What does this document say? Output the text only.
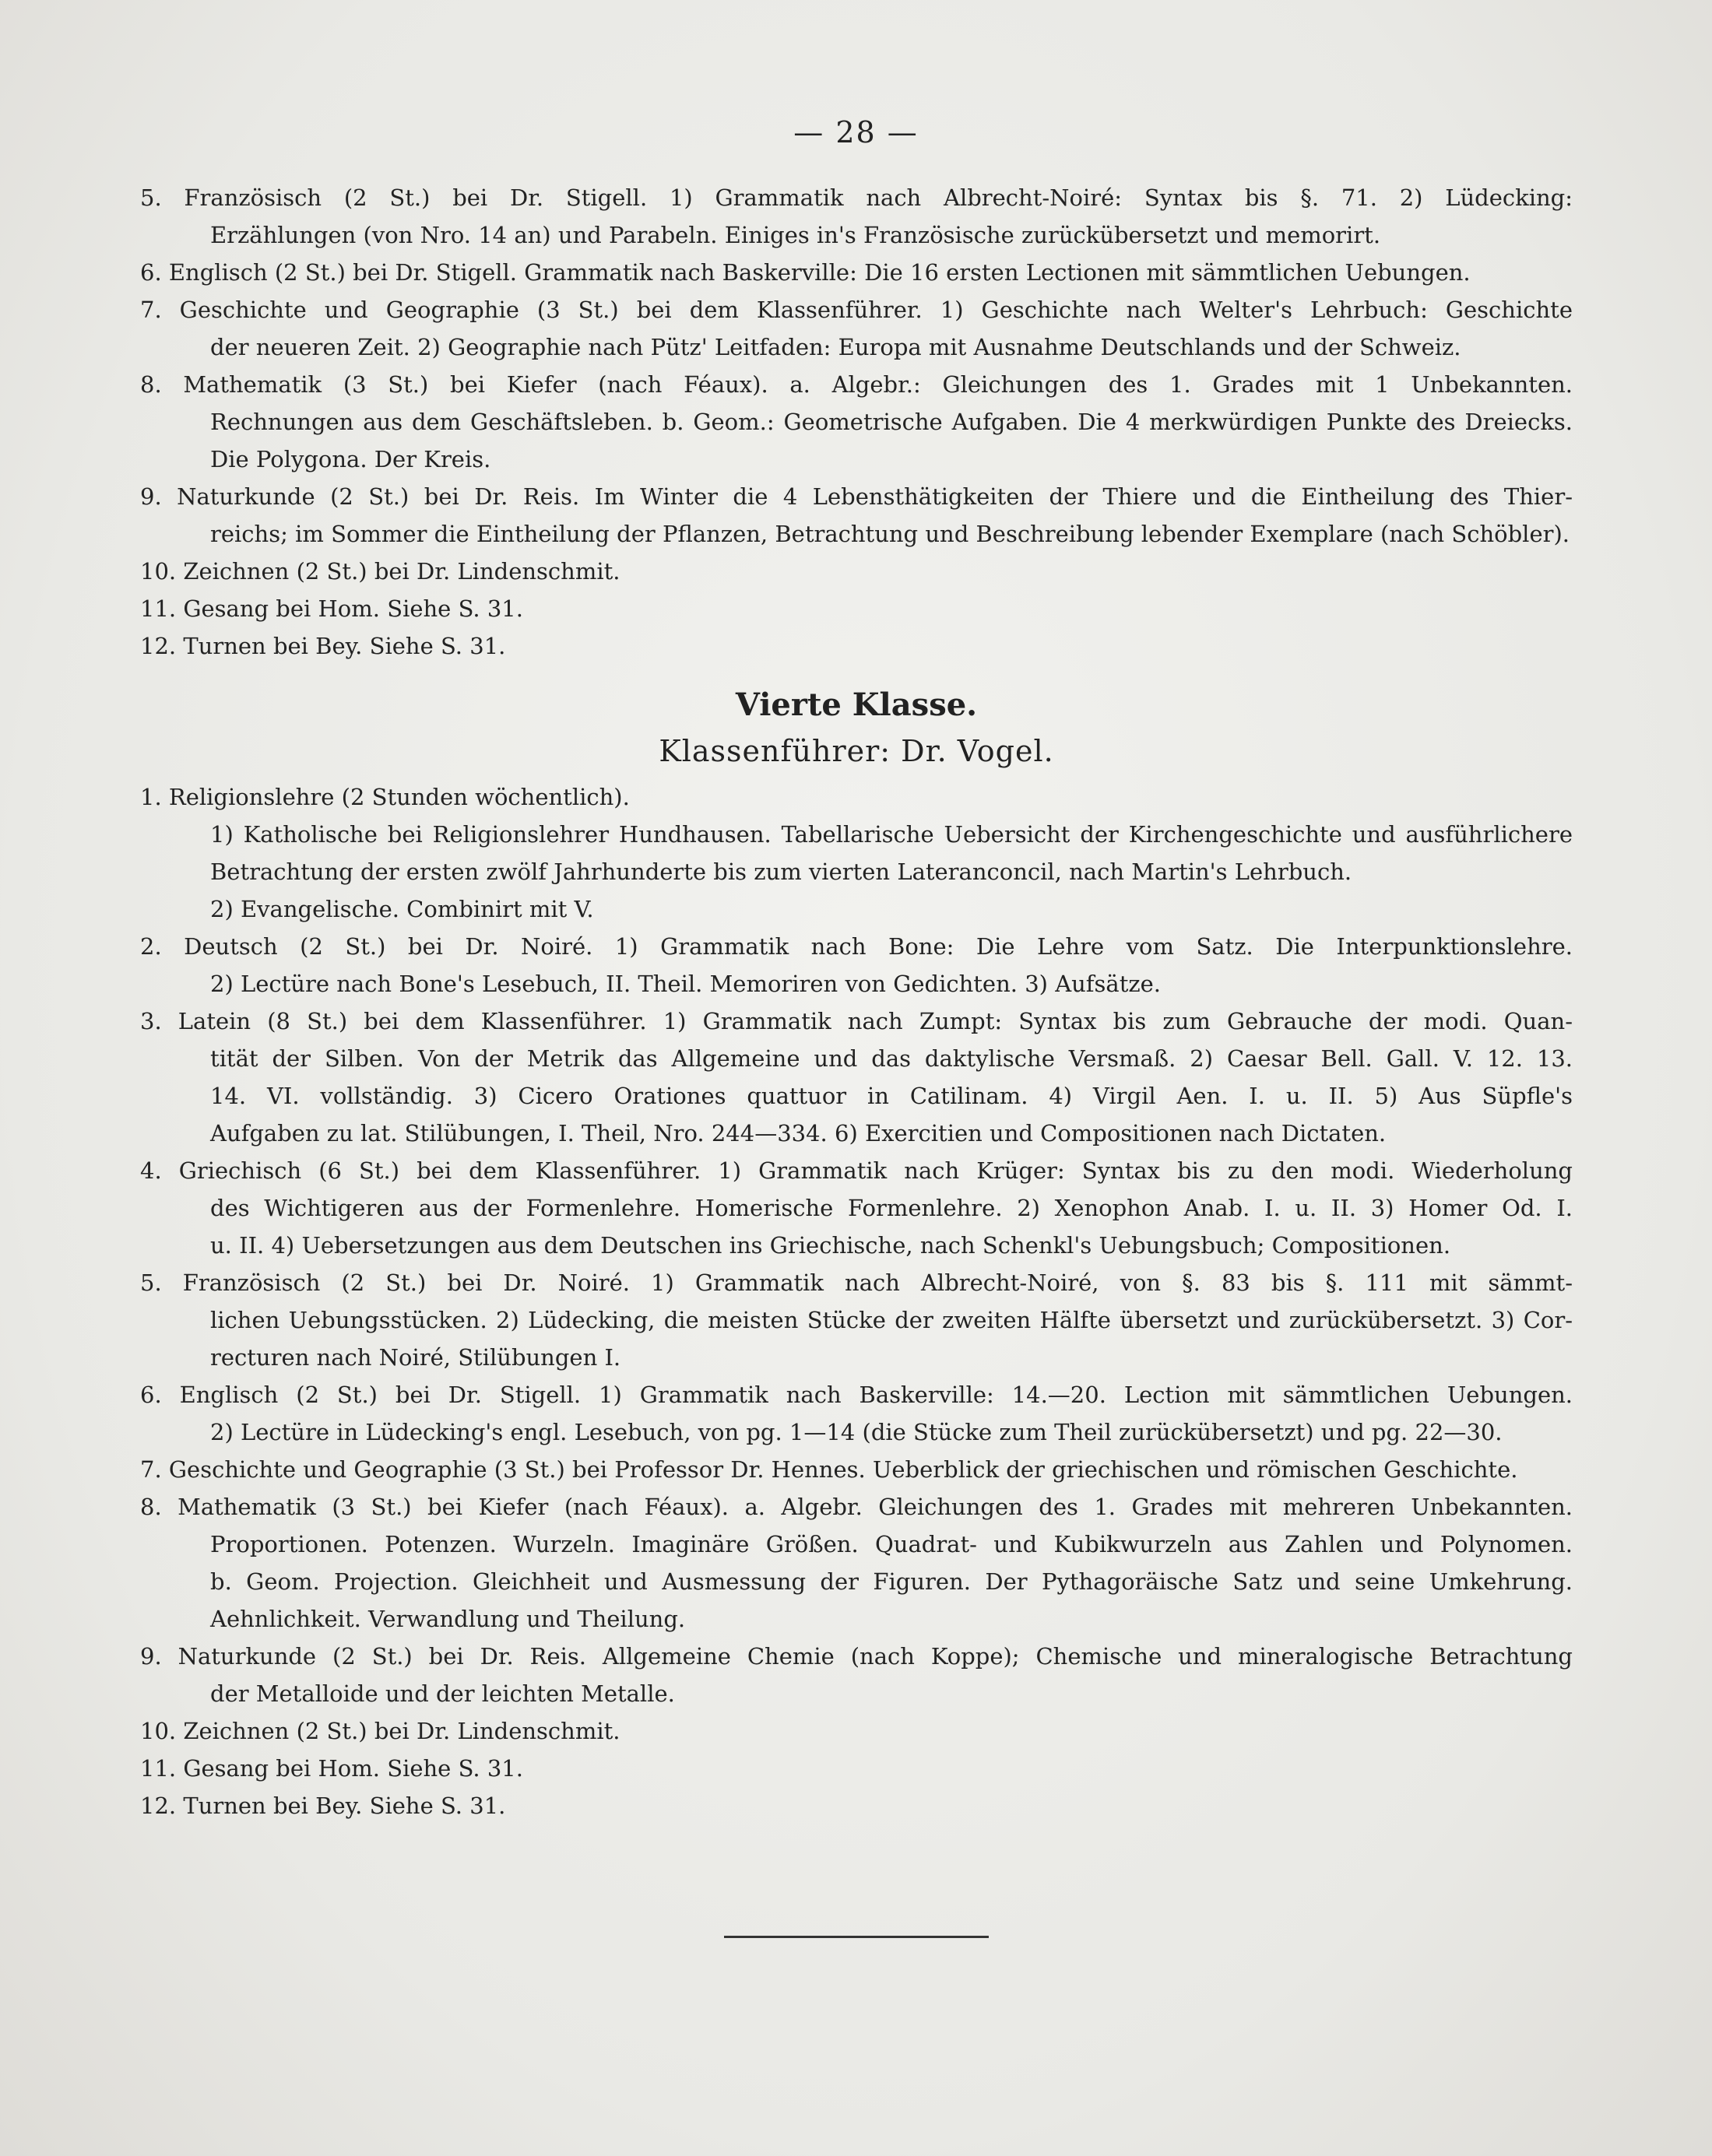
— 28 —
5. Französisch (2 St.) bei Dr. Stigell. 1) Grammatik nach Albrecht-Noiré: Syntax bis §. 71. 2) Lüdecking:
Erzählungen (von Nro. 14 an) und Parabeln. Einiges in's Französische zurückübersetzt und memorirt.
6. Englisch (2 St.) bei Dr. Stigell. Grammatik nach Baskerville: Die 16 ersten Lectionen mit sämmtlichen Uebungen.
7. Geschichte und Geographie (3 St.) bei dem Klassenführer. 1) Geschichte nach Welter's Lehrbuch: Geschichte
der neueren Zeit. 2) Geographie nach Pütz' Leitfaden: Europa mit Ausnahme Deutschlands und der Schweiz.
8. Mathematik (3 St.) bei Kiefer (nach Féaux). a. Algebr.: Gleichungen des 1. Grades mit 1 Unbekannten.
Rechnungen aus dem Geschäftsleben. b. Geom.: Geometrische Aufgaben. Die 4 merkwürdigen Punkte des Dreiecks.
Die Polygona. Der Kreis.
9. Naturkunde (2 St.) bei Dr. Reis. Im Winter die 4 Lebensthätigkeiten der Thiere und die Eintheilung des Thier-
reichs; im Sommer die Eintheilung der Pflanzen, Betrachtung und Beschreibung lebender Exemplare (nach Schöbler).
10. Zeichnen (2 St.) bei Dr. Lindenschmit.
11. Gesang bei Hom. Siehe S. 31.
12. Turnen bei Bey. Siehe S. 31.
Vierte Klasse.
Klassenführer: Dr. Vogel.
1. Religionslehre (2 Stunden wöchentlich).
1) Katholische bei Religionslehrer Hundhausen. Tabellarische Uebersicht der Kirchengeschichte und ausführlichere
Betrachtung der ersten zwölf Jahrhunderte bis zum vierten Lateranconcil, nach Martin's Lehrbuch.
2) Evangelische. Combinirt mit V.
2. Deutsch (2 St.) bei Dr. Noiré. 1) Grammatik nach Bone: Die Lehre vom Satz. Die Interpunktionslehre.
2) Lectüre nach Bone's Lesebuch, II. Theil. Memoriren von Gedichten. 3) Aufsätze.
3. Latein (8 St.) bei dem Klassenführer. 1) Grammatik nach Zumpt: Syntax bis zum Gebrauche der modi. Quan-
tität der Silben. Von der Metrik das Allgemeine und das daktylische Versmaß. 2) Caesar Bell. Gall. V. 12. 13.
14. VI. vollständig. 3) Cicero Orationes quattuor in Catilinam. 4) Virgil Aen. I. u. II. 5) Aus Süpfle's
Aufgaben zu lat. Stilübungen, I. Theil, Nro. 244—334. 6) Exercitien und Compositionen nach Dictaten.
4. Griechisch (6 St.) bei dem Klassenführer. 1) Grammatik nach Krüger: Syntax bis zu den modi. Wiederholung
des Wichtigeren aus der Formenlehre. Homerische Formenlehre. 2) Xenophon Anab. I. u. II. 3) Homer Od. I.
u. II. 4) Uebersetzungen aus dem Deutschen ins Griechische, nach Schenkl's Uebungsbuch; Compositionen.
5. Französisch (2 St.) bei Dr. Noiré. 1) Grammatik nach Albrecht-Noiré, von §. 83 bis §. 111 mit sämmt-
lichen Uebungsstücken. 2) Lüdecking, die meisten Stücke der zweiten Hälfte übersetzt und zurückübersetzt. 3) Cor-
recturen nach Noiré, Stilübungen I.
6. Englisch (2 St.) bei Dr. Stigell. 1) Grammatik nach Baskerville: 14.—20. Lection mit sämmtlichen Uebungen.
2) Lectüre in Lüdecking's engl. Lesebuch, von pg. 1—14 (die Stücke zum Theil zurückübersetzt) und pg. 22—30.
7. Geschichte und Geographie (3 St.) bei Professor Dr. Hennes. Ueberblick der griechischen und römischen Geschichte.
8. Mathematik (3 St.) bei Kiefer (nach Féaux). a. Algebr. Gleichungen des 1. Grades mit mehreren Unbekannten.
Proportionen. Potenzen. Wurzeln. Imaginäre Größen. Quadrat- und Kubikwurzeln aus Zahlen und Polynomen.
b. Geom. Projection. Gleichheit und Ausmessung der Figuren. Der Pythagoräische Satz und seine Umkehrung.
Aehnlichkeit. Verwandlung und Theilung.
9. Naturkunde (2 St.) bei Dr. Reis. Allgemeine Chemie (nach Koppe); Chemische und mineralogische Betrachtung
der Metalloide und der leichten Metalle.
10. Zeichnen (2 St.) bei Dr. Lindenschmit.
11. Gesang bei Hom. Siehe S. 31.
12. Turnen bei Bey. Siehe S. 31.
